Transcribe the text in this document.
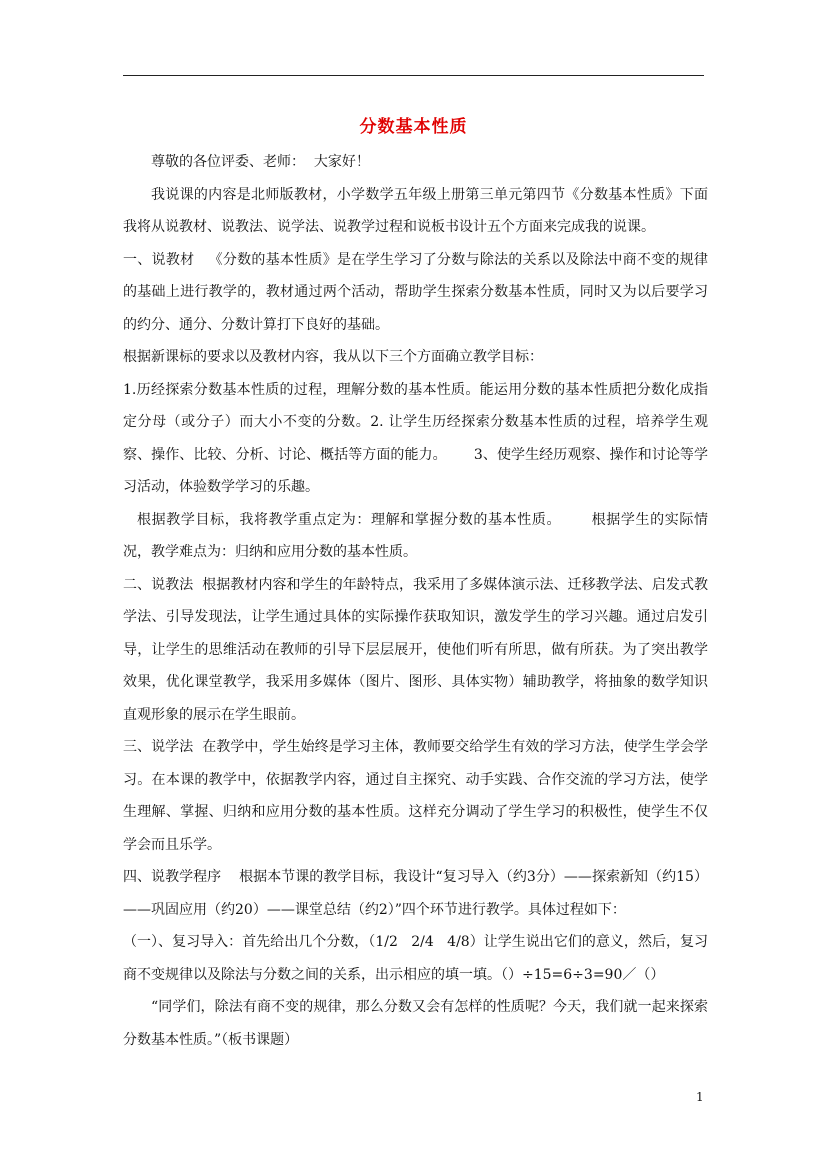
分数基本性质

尊敬的各位评委、老师：  大家好！

我说课的内容是北师版教材，小学数学五年级上册第三单元第四节《分数基本性质》下面我将从说教材、说教法、说学法、说教学过程和说板书设计五个方面来完成我的说课。

一、说教材   《分数的基本性质》是在学生学习了分数与除法的关系以及除法中商不变的规律的基础上进行教学的，教材通过两个活动，帮助学生探索分数基本性质，同时又为以后要学习的约分、通分、分数计算打下良好的基础。

根据新课标的要求以及教材内容，我从以下三个方面确立教学目标：

1.历经探索分数基本性质的过程，理解分数的基本性质。能运用分数的基本性质把分数化成指定分母（或分子）而大小不变的分数。2. 让学生历经探索分数基本性质的过程，培养学生观察、操作、比较、分析、讨论、概括等方面的能力。      3、使学生经历观察、操作和讨论等学习活动，体验数学学习的乐趣。

根据教学目标，我将教学重点定为：理解和掌握分数的基本性质。      根据学生的实际情况，教学难点为：归纳和应用分数的基本性质。

二、说教法  根据教材内容和学生的年龄特点，我采用了多媒体演示法、迁移教学法、启发式教学法、引导发现法，让学生通过具体的实际操作获取知识，激发学生的学习兴趣。通过启发引导，让学生的思维活动在教师的引导下层层展开，使他们听有所思，做有所获。为了突出教学效果，优化课堂教学，我采用多媒体（图片、图形、具体实物）辅助教学，将抽象的数学知识直观形象的展示在学生眼前。

三、说学法  在教学中，学生始终是学习主体，教师要交给学生有效的学习方法，使学生学会学习。在本课的教学中，依据教学内容，通过自主探究、动手实践、合作交流的学习方法，使学生理解、掌握、归纳和应用分数的基本性质。这样充分调动了学生学习的积极性，使学生不仅学会而且乐学。

四、说教学程序    根据本节课的教学目标，我设计“复习导入（约3分）——探索新知（约15）——巩固应用（约20）——课堂总结（约2）”四个环节进行教学。具体过程如下：

（一）、复习导入：首先给出几个分数，（1/2   2/4   4/8）让学生说出它们的意义，然后，复习商不变规律以及除法与分数之间的关系，出示相应的填一填。（）÷15=6÷3=90／（）

“同学们，除法有商不变的规律，那么分数又会有怎样的性质呢？今天，我们就一起来探索分数基本性质。”（板书课题）

1
